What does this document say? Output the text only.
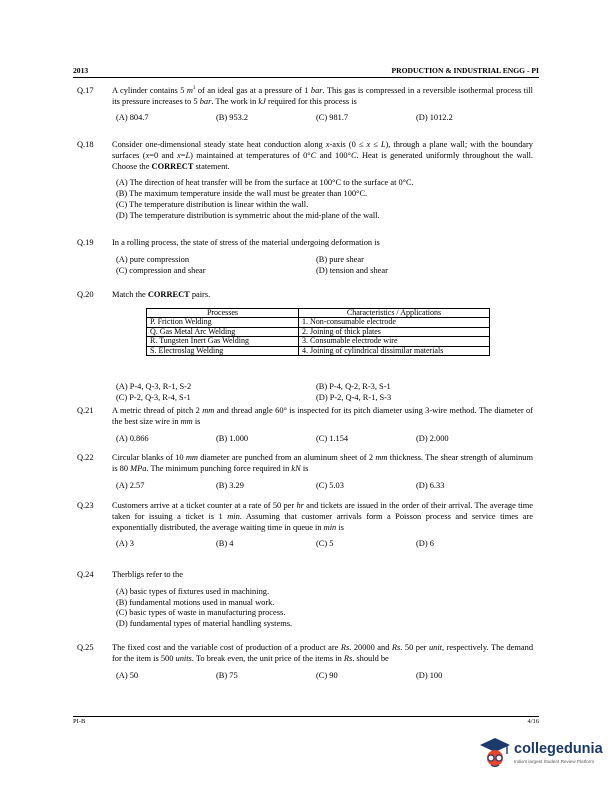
2013	PRODUCTION & INDUSTRIAL ENGG - PI
Q.17	A cylinder contains 5 $m^3$ of an ideal gas at a pressure of 1 bar. This gas is compressed in a reversible isothermal process till its pressure increases to 5 bar. The work in kJ required for this process is
(A) 804.7	(B) 953.2	(C) 981.7	(D) 1012.2
Q.18	Consider one-dimensional steady state heat conduction along x-axis (0 ≤ x ≤ L), through a plane wall; with the boundary surfaces (x=0 and x=L) maintained at temperatures of 0°C and 100°C. Heat is generated uniformly throughout the wall. Choose the CORRECT statement.
(A) The direction of heat transfer will be from the surface at 100°C to the surface at 0°C.
(B) The maximum temperature inside the wall must be greater than 100°C.
(C) The temperature distribution is linear within the wall.
(D) The temperature distribution is symmetric about the mid-plane of the wall.
Q.19	In a rolling process, the state of stress of the material undergoing deformation is
(A) pure compression	(B) pure shear
(C) compression and shear	(D) tension and shear
Q.20	Match the CORRECT pairs.
Processes	Characteristics / Applications
P. Friction Welding	1. Non-consumable electrode
Q. Gas Metal Arc Welding	2. Joining of thick plates
R. Tungsten Inert Gas Welding	3. Consumable electrode wire
S. Electroslag Welding	4. Joining of cylindrical dissimilar materials
(A) P-4, Q-3, R-1, S-2	(B) P-4, Q-2, R-3, S-1
(C) P-2, Q-3, R-4, S-1	(D) P-2, Q-4, R-1, S-3
Q.21	A metric thread of pitch 2 mm and thread angle 60° is inspected for its pitch diameter using 3-wire method. The diameter of the best size wire in mm is
(A) 0.866	(B) 1.000	(C) 1.154	(D) 2.000
Q.22	Circular blanks of 10 mm diameter are punched from an aluminum sheet of 2 mm thickness. The shear strength of aluminum is 80 MPa. The minimum punching force required in kN is
(A) 2.57	(B) 3.29	(C) 5.03	(D) 6.33
Q.23	Customers arrive at a ticket counter at a rate of 50 per hr and tickets are issued in the order of their arrival. The average time taken for issuing a ticket is 1 min. Assuming that customer arrivals form a Poisson process and service times are exponentially distributed, the average waiting time in queue in min is
(A) 3	(B) 4	(C) 5	(D) 6
Q.24	Therbligs refer to the
(A) basic types of fixtures used in machining.
(B) fundamental motions used in manual work.
(C) basic types of waste in manufacturing process.
(D) fundamental types of material handling systems.
Q.25	The fixed cost and the variable cost of production of a product are Rs. 20000 and Rs. 50 per unit, respectively. The demand for the item is 500 units. To break even, the unit price of the items in Rs. should be
(A) 50	(B) 75	(C) 90	(D) 100
PI-B	4/16
collegedunia
India's largest Student Review Platform
